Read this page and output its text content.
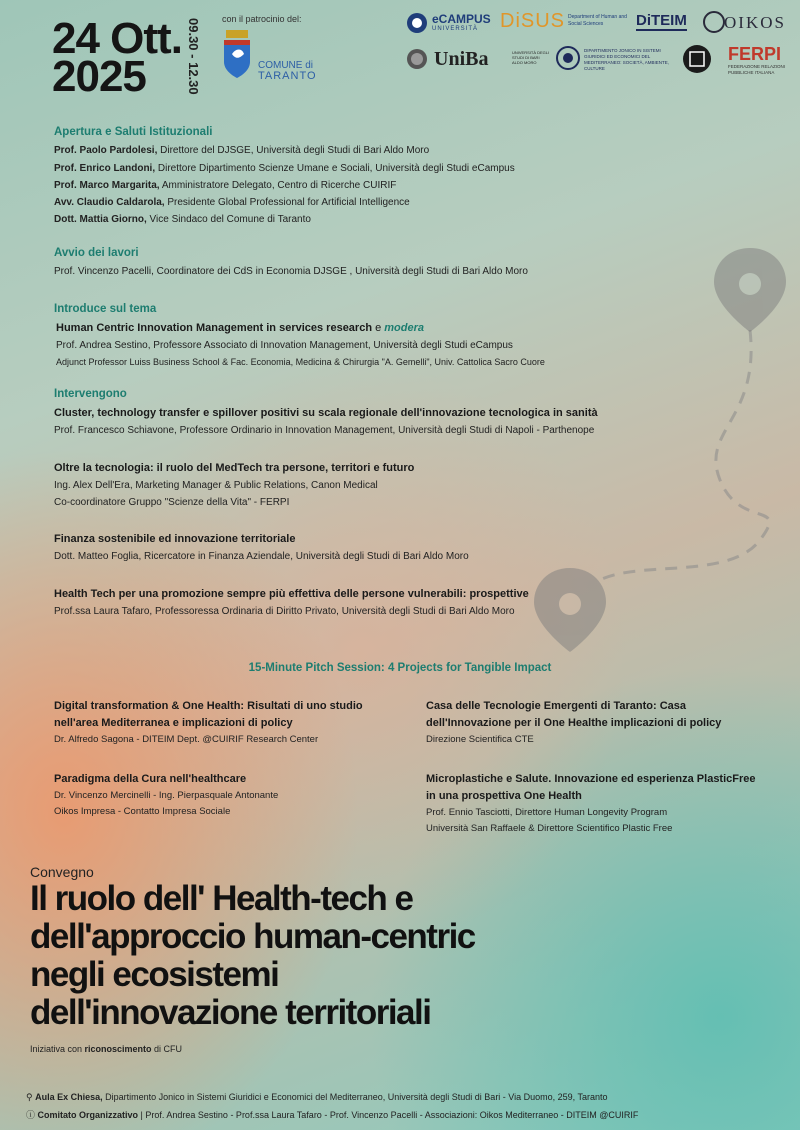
24 Ott.
2025	09.30 - 12.30 con il patrocinio del:
COMUNE di
TARANTO
eCAMPUS
UNIVERSITÀ DiSUS Department of Human and Social Sciences	DiTEIM OIKOS
UniBa	UNIVERSITÀ DEGLI STUDI DI BARI ALDO MORO
DIPARTIMENTO JONICO IN SISTEMI GIURIDICI ED ECONOMICI DEL MEDITERRANEO: SOCIETÀ, AMBIENTE, CULTURE
FERPI
FEDERAZIONE RELAZIONI PUBBLICHE ITALIANA
Apertura e Saluti Istituzionali
Prof. Paolo Pardolesi, Direttore del DJSGE, Università degli Studi di Bari Aldo Moro
Prof. Enrico Landoni, Direttore Dipartimento Scienze Umane e Sociali, Università degli Studi eCampus
Prof. Marco Margarita, Amministratore Delegato, Centro di Ricerche CUIRIF
Avv. Claudio Caldarola, Presidente Global Professional for Artificial Intelligence
Dott. Mattia Giorno, Vice Sindaco del Comune di Taranto
Avvio dei lavori
Prof. Vincenzo Pacelli, Coordinatore dei CdS in Economia DJSGE , Università degli Studi di Bari Aldo Moro
Introduce sul tema
Human Centric Innovation Management in services research e modera
Prof. Andrea Sestino, Professore Associato di Innovation Management, Università degli Studi eCampus
Adjunct Professor Luiss Business School & Fac. Economia, Medicina & Chirurgia "A. Gemelli", Univ. Cattolica Sacro Cuore
Intervengono
Cluster, technology transfer e spillover positivi su scala regionale dell'innovazione tecnologica in sanità
Prof. Francesco Schiavone, Professore Ordinario in Innovation Management, Università degli Studi di Napoli - Parthenope
Oltre la tecnologia: il ruolo del MedTech tra persone, territori e futuro
Ing. Alex Dell'Era, Marketing Manager & Public Relations, Canon Medical
Co-coordinatore Gruppo "Scienze della Vita" - FERPI
Finanza sostenibile ed innovazione territoriale
Dott. Matteo Foglia, Ricercatore in Finanza Aziendale, Università degli Studi di Bari Aldo Moro
Health Tech per una promozione sempre più effettiva delle persone vulnerabili: prospettive
Prof.ssa Laura Tafaro, Professoressa Ordinaria di Diritto Privato, Università degli Studi di Bari Aldo Moro
15-Minute Pitch Session: 4 Projects for Tangible Impact
Digital transformation & One Health: Risultati di uno studio
nell'area Mediterranea e implicazioni di policy
Dr. Alfredo Sagona - DITEIM Dept. @CUIRIF Research Center
Paradigma della Cura nell'healthcare
Dr. Vincenzo Mercinelli - Ing. Pierpasquale Antonante
Oikos Impresa - Contatto Impresa Sociale
Casa delle Tecnologie Emergenti di Taranto: Casa
dell'Innovazione per il One Healthe implicazioni di policy
Direzione Scientifica CTE
Microplastiche e Salute. Innovazione ed esperienza PlasticFree
in una prospettiva One Health
Prof. Ennio Tasciotti, Direttore Human Longevity Program
Università San Raffaele & Direttore Scientifico Plastic Free
Convegno
Il ruolo dell' Health-tech e
dell'approccio human-centric
negli ecosistemi
dell'innovazione territoriali
Iniziativa con riconoscimento di CFU
⚲ Aula Ex Chiesa, Dipartimento Jonico in Sistemi Giuridici e Economici del Mediterraneo, Università degli Studi di Bari - Via Duomo, 259, Taranto
ⓘ Comitato Organizzativo | Prof. Andrea Sestino - Prof.ssa Laura Tafaro - Prof. Vincenzo Pacelli - Associazioni: Oikos Mediterraneo - DITEIM @CUIRIF
